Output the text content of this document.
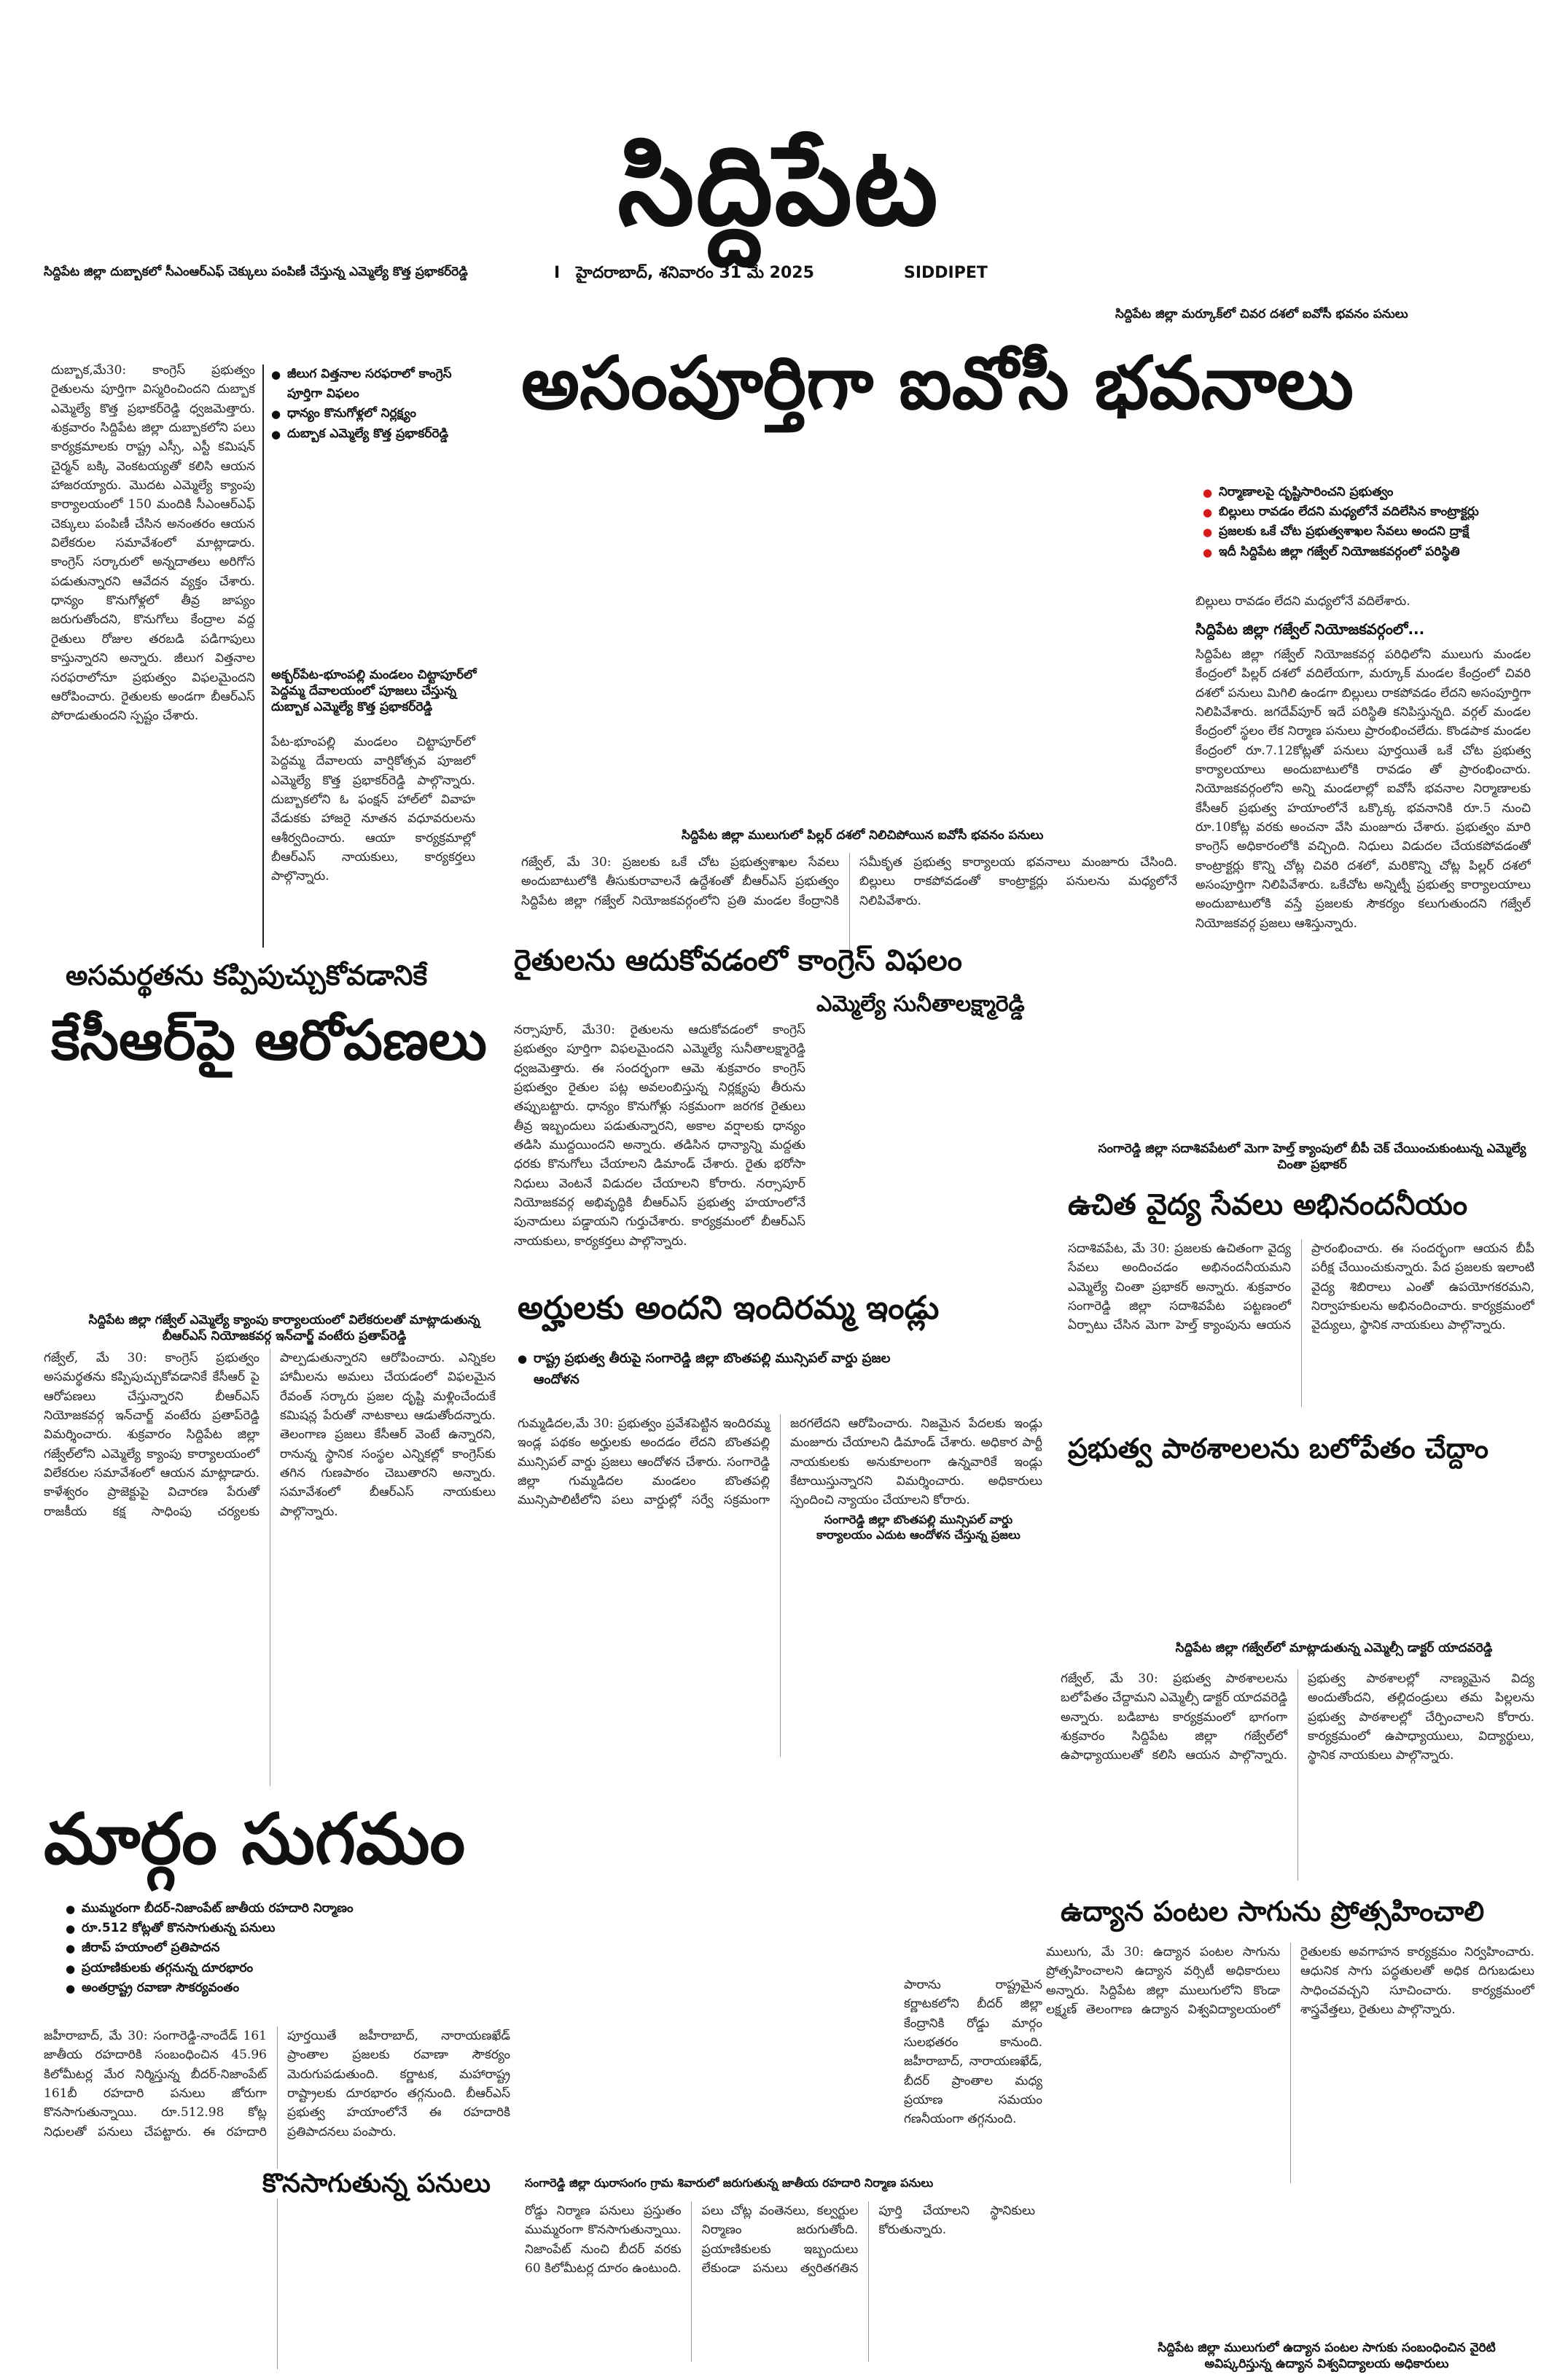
సిద్దిపేట
సిద్దిపేట జిల్లా దుబ్బాకలో సీఎంఆర్ఎఫ్ చెక్కులు పంపిణీ చేస్తున్న ఎమ్మెల్యే కొత్త ప్రభాకర్‌రెడ్డి	I హైదరాబాద్, శనివారం 31 మే 2025	SIDDIPET
సిద్దిపేట జిల్లా మర్కూక్‌లో చివర దశలో ఐవోసీ భవనం పనులు
దుబ్బాక,మే30: కాంగ్రెస్ ప్రభుత్వం రైతులను పూర్తిగా విస్మరించిందని దుబ్బాక ఎమ్మెల్యే కొత్త ప్రభాకర్‌రెడ్డి ధ్వజమెత్తారు. శుక్రవారం సిద్దిపేట జిల్లా దుబ్బాకలోని పలు కార్యక్రమాలకు రాష్ట్ర ఎస్సీ, ఎస్టీ కమిషన్ చైర్మన్ బక్కి వెంకటయ్యతో కలిసి ఆయన హాజరయ్యారు. మొదట ఎమ్మెల్యే క్యాంపు కార్యాలయంలో 150 మందికి సీఎంఆర్ఎఫ్ చెక్కులు పంపిణీ చేసిన అనంతరం ఆయన విలేకరుల సమావేశంలో మాట్లాడారు. కాంగ్రెస్ సర్కారులో అన్నదాతలు అరిగోస పడుతున్నారని ఆవేదన వ్యక్తం చేశారు. ధాన్యం కొనుగోళ్లలో తీవ్ర జాప్యం జరుగుతోందని, కొనుగోలు కేంద్రాల వద్ద రైతులు రోజుల తరబడి పడిగాపులు కాస్తున్నారని అన్నారు. జీలుగ విత్తనాల సరఫరాలోనూ ప్రభుత్వం విఫలమైందని ఆరోపించారు. రైతులకు అండగా బీఆర్ఎస్ పోరాడుతుందని స్పష్టం చేశారు.
● జీలుగ విత్తనాల సరఫరాలో కాంగ్రెస్ పూర్తిగా విఫలం
● ధాన్యం కొనుగోళ్లలో నిర్లక్ష్యం
● దుబ్బాక ఎమ్మెల్యే కొత్త ప్రభాకర్‌రెడ్డి
అక్బర్‌పేట-భూంపల్లి మండలం చిట్టాపూర్‌లో పెద్దమ్మ దేవాలయంలో పూజలు చేస్తున్న దుబ్బాక ఎమ్మెల్యే కొత్త ప్రభాకర్‌రెడ్డి
పేట-భూంపల్లి మండలం చిట్టాపూర్‌లో పెద్దమ్మ దేవాలయ వార్షికోత్సవ పూజలో ఎమ్మెల్యే కొత్త ప్రభాకర్‌రెడ్డి పాల్గొన్నారు. దుబ్బాకలోని ఓ ఫంక్షన్ హాల్‌లో వివాహ వేడుకకు హాజరై నూతన వధూవరులను ఆశీర్వదించారు. ఆయా కార్యక్రమాల్లో బీఆర్ఎస్ నాయకులు, కార్యకర్తలు పాల్గొన్నారు.
అసంపూర్తిగా ఐవోసీ భవనాలు
● నిర్మాణాలపై దృష్టిసారించని ప్రభుత్వం
● బిల్లులు రావడం లేదని మధ్యలోనే వదిలేసిన కాంట్రాక్టర్లు
● ప్రజలకు ఒకే చోట ప్రభుత్వశాఖల సేవలు అందని ద్రాక్షే
● ఇదీ సిద్దిపేట జిల్లా గజ్వేల్ నియోజకవర్గంలో పరిస్థితి
బిల్లులు రావడం లేదని మధ్యలోనే వదిలేశారు.
సిద్దిపేట జిల్లా గజ్వేల్ నియోజకవర్గంలో...
సిద్దిపేట జిల్లా గజ్వేల్ నియోజకవర్గ పరిధిలోని ములుగు మండల కేంద్రంలో పిల్లర్ దశలో వదిలేయగా, మర్కూక్ మండల కేంద్రంలో చివరి దశలో పనులు మిగిలి ఉండగా బిల్లులు రాకపోవడం లేదని అసంపూర్తిగా నిలిపివేశారు. జగదేవ్‌పూర్ ఇదే పరిస్థితి కనిపిస్తున్నది. వర్గల్ మండల కేంద్రంలో స్థలం లేక నిర్మాణ పనులు ప్రారంభించలేదు. కొండపాక మండల కేంద్రంలో రూ.7.12కోట్లతో పనులు పూర్తయితే ఒకే చోట ప్రభుత్వ కార్యాలయాలు అందుబాటులోకి రావడం తో ప్రారంభించారు. నియోజకవర్గంలోని అన్ని మండలాల్లో ఐవోసీ భవనాల నిర్మాణాలకు కేసీఆర్ ప్రభుత్వ హయాంలోనే ఒక్కొక్క భవనానికి రూ.5 నుంచి రూ.10కోట్ల వరకు అంచనా వేసి మంజూరు చేశారు. ప్రభుత్వం మారి కాంగ్రెస్ అధికారంలోకి వచ్చింది. నిధులు విడుదల చేయకపోవడంతో కాంట్రాక్టర్లు కొన్ని చోట్ల చివరి దశలో, మరికొన్ని చోట్ల పిల్లర్ దశలో అసంపూర్తిగా నిలిపివేశారు. ఒకేచోట అన్నిట్నీ ప్రభుత్వ కార్యాలయాలు అందుబాటులోకి వస్తే ప్రజలకు సౌకర్యం కలుగుతుందని గజ్వేల్ నియోజకవర్గ ప్రజలు ఆశిస్తున్నారు.
సిద్దిపేట జిల్లా ములుగులో పిల్లర్ దశలో నిలిచిపోయిన ఐవోసీ భవనం పనులు
గజ్వేల్, మే 30: ప్రజలకు ఒకే చోట ప్రభుత్వశాఖల సేవలు అందుబాటులోకి తీసుకురావాలనే ఉద్దేశంతో బీఆర్ఎస్ ప్రభుత్వం సిద్దిపేట జిల్లా గజ్వేల్ నియోజకవర్గంలోని ప్రతి మండల కేంద్రానికి సమీకృత ప్రభుత్వ కార్యాలయ భవనాలు మంజూరు చేసింది. బిల్లులు రాకపోవడంతో కాంట్రాక్టర్లు పనులను మధ్యలోనే నిలిపివేశారు.
అసమర్థతను కప్పిపుచ్చుకోవడానికే
కేసీఆర్‌పై ఆరోపణలు
సిద్దిపేట జిల్లా గజ్వేల్ ఎమ్మెల్యే క్యాంపు కార్యాలయంలో విలేకరులతో మాట్లాడుతున్న బీఆర్ఎస్ నియోజకవర్గ ఇన్‌చార్జ్ వంటేరు ప్రతాప్‌రెడ్డి
గజ్వేల్, మే 30: కాంగ్రెస్ ప్రభుత్వం అసమర్థతను కప్పిపుచ్చుకోవడానికే కేసీఆర్ పై ఆరోపణలు చేస్తున్నారని బీఆర్ఎస్ నియోజకవర్గ ఇన్‌చార్జ్ వంటేరు ప్రతాప్‌రెడ్డి విమర్శించారు. శుక్రవారం సిద్దిపేట జిల్లా గజ్వేల్‌లోని ఎమ్మెల్యే క్యాంపు కార్యాలయంలో విలేకరుల సమావేశంలో ఆయన మాట్లాడారు. కాళేశ్వరం ప్రాజెక్టుపై విచారణ పేరుతో రాజకీయ కక్ష సాధింపు చర్యలకు పాల్పడుతున్నారని ఆరోపించారు. ఎన్నికల హామీలను అమలు చేయడంలో విఫలమైన రేవంత్ సర్కారు ప్రజల దృష్టి మళ్లించేందుకే కమిషన్ల పేరుతో నాటకాలు ఆడుతోందన్నారు. తెలంగాణ ప్రజలు కేసీఆర్ వెంటే ఉన్నారని, రానున్న స్థానిక సంస్థల ఎన్నికల్లో కాంగ్రెస్‌కు తగిన గుణపాఠం చెబుతారని అన్నారు. సమావేశంలో బీఆర్ఎస్ నాయకులు పాల్గొన్నారు.
రైతులను ఆదుకోవడంలో కాంగ్రెస్ విఫలం
ఎమ్మెల్యే సునీతాలక్ష్మారెడ్డి
నర్సాపూర్, మే30: రైతులను ఆదుకోవడంలో కాంగ్రెస్ ప్రభుత్వం పూర్తిగా విఫలమైందని ఎమ్మెల్యే సునీతాలక్ష్మారెడ్డి ధ్వజమెత్తారు. ఈ సందర్భంగా ఆమె శుక్రవారం కాంగ్రెస్ ప్రభుత్వం రైతుల పట్ల అవలంబిస్తున్న నిర్లక్ష్యపు తీరును తప్పుబట్టారు. ధాన్యం కొనుగోళ్లు సక్రమంగా జరగక రైతులు తీవ్ర ఇబ్బందులు పడుతున్నారని, అకాల వర్షాలకు ధాన్యం తడిసి ముద్దయిందని అన్నారు. తడిసిన ధాన్యాన్ని మద్దతు ధరకు కొనుగోలు చేయాలని డిమాండ్ చేశారు. రైతు భరోసా నిధులు వెంటనే విడుదల చేయాలని కోరారు. నర్సాపూర్ నియోజకవర్గ అభివృద్ధికి బీఆర్ఎస్ ప్రభుత్వ హయాంలోనే పునాదులు పడ్డాయని గుర్తుచేశారు. కార్యక్రమంలో బీఆర్ఎస్ నాయకులు, కార్యకర్తలు పాల్గొన్నారు.
సంగారెడ్డి జిల్లా సదాశివపేటలో మెగా హెల్త్ క్యాంపులో బీపీ చెక్ చేయించుకుంటున్న ఎమ్మెల్యే చింతా ప్రభాకర్
ఉచిత వైద్య సేవలు అభినందనీయం
సదాశివపేట, మే 30: ప్రజలకు ఉచితంగా వైద్య సేవలు అందించడం అభినందనీయమని ఎమ్మెల్యే చింతా ప్రభాకర్ అన్నారు. శుక్రవారం సంగారెడ్డి జిల్లా సదాశివపేట పట్టణంలో ఏర్పాటు చేసిన మెగా హెల్త్ క్యాంపును ఆయన ప్రారంభించారు. ఈ సందర్భంగా ఆయన బీపీ పరీక్ష చేయించుకున్నారు. పేద ప్రజలకు ఇలాంటి వైద్య శిబిరాలు ఎంతో ఉపయోగకరమని, నిర్వాహకులను అభినందించారు. కార్యక్రమంలో వైద్యులు, స్థానిక నాయకులు పాల్గొన్నారు.
ప్రభుత్వ పాఠశాలలను బలోపేతం చేద్దాం
సిద్దిపేట జిల్లా గజ్వేల్‌లో మాట్లాడుతున్న ఎమ్మెల్సీ డాక్టర్ యాదవరెడ్డి
గజ్వేల్, మే 30: ప్రభుత్వ పాఠశాలలను బలోపేతం చేద్దామని ఎమ్మెల్సీ డాక్టర్ యాదవరెడ్డి అన్నారు. బడిబాట కార్యక్రమంలో భాగంగా శుక్రవారం సిద్దిపేట జిల్లా గజ్వేల్‌లో ఉపాధ్యాయులతో కలిసి ఆయన పాల్గొన్నారు. ప్రభుత్వ పాఠశాలల్లో నాణ్యమైన విద్య అందుతోందని, తల్లిదండ్రులు తమ పిల్లలను ప్రభుత్వ పాఠశాలల్లో చేర్పించాలని కోరారు. కార్యక్రమంలో ఉపాధ్యాయులు, విద్యార్థులు, స్థానిక నాయకులు పాల్గొన్నారు.
ఉద్యాన పంటల సాగును ప్రోత్సహించాలి
ములుగు, మే 30: ఉద్యాన పంటల సాగును ప్రోత్సహించాలని ఉద్యాన వర్సిటీ అధికారులు అన్నారు. సిద్దిపేట జిల్లా ములుగులోని కొండా లక్ష్మణ్ తెలంగాణ ఉద్యాన విశ్వవిద్యాలయంలో రైతులకు అవగాహన కార్యక్రమం నిర్వహించారు. ఆధునిక సాగు పద్ధతులతో అధిక దిగుబడులు సాధించవచ్చని సూచించారు. కార్యక్రమంలో శాస్త్రవేత్తలు, రైతులు పాల్గొన్నారు.
సిద్దిపేట జిల్లా ములుగులో ఉద్యాన పంటల సాగుకు సంబంధించిన వైరిటి అవిష్కరిస్తున్న ఉద్యాన విశ్వవిద్యాలయ అధికారులు
అర్హులకు అందని ఇందిరమ్మ ఇండ్లు
● రాష్ట్ర ప్రభుత్వ తీరుపై సంగారెడ్డి జిల్లా బొంతపల్లి మున్సిపల్ వార్డు ప్రజల ఆందోళన
గుమ్మడిదల,మే 30: ప్రభుత్వం ప్రవేశపెట్టిన ఇందిరమ్మ ఇండ్ల పథకం అర్హులకు అందడం లేదని బొంతపల్లి మున్సిపల్ వార్డు ప్రజలు ఆందోళన చేశారు. సంగారెడ్డి జిల్లా గుమ్మడిదల మండలం బొంతపల్లి మున్సిపాలిటీలోని పలు వార్డుల్లో సర్వే సక్రమంగా జరగలేదని ఆరోపించారు. నిజమైన పేదలకు ఇండ్లు మంజూరు చేయాలని డిమాండ్ చేశారు. అధికార పార్టీ నాయకులకు అనుకూలంగా ఉన్నవారికే ఇండ్లు కేటాయిస్తున్నారని విమర్శించారు. అధికారులు స్పందించి న్యాయం చేయాలని కోరారు.
సంగారెడ్డి జిల్లా బొంతపల్లి మున్సిపల్ వార్డు కార్యాలయం ఎదుట ఆందోళన చేస్తున్న ప్రజలు
మార్గం సుగమం
● ముమ్మరంగా బీదర్-నిజాంపేట్ జాతీయ రహదారి నిర్మాణం
● రూ.512 కోట్లతో కొనసాగుతున్న పనులు
● జీరాప్ హయాంలో ప్రతిపాదన
● ప్రయాణికులకు తగ్గనున్న దూరభారం
● అంతర్రాష్ట్ర రవాణా సౌకర్యవంతం
జహీరాబాద్, మే 30: సంగారెడ్డి-నాందేడ్ 161 జాతీయ రహదారికి సంబంధించిన 45.96 కిలోమీటర్ల మేర నిర్మిస్తున్న బీదర్-నిజాంపేట్ 161బీ రహదారి పనులు జోరుగా కొనసాగుతున్నాయి. రూ.512.98 కోట్ల నిధులతో పనులు చేపట్టారు. ఈ రహదారి పూర్తయితే జహీరాబాద్, నారాయణఖేడ్ ప్రాంతాల ప్రజలకు రవాణా సౌకర్యం మెరుగుపడుతుంది. కర్ణాటక, మహారాష్ట్ర రాష్ట్రాలకు దూరభారం తగ్గనుంది. బీఆర్ఎస్ ప్రభుత్వ హయాంలోనే ఈ రహదారికి ప్రతిపాదనలు పంపారు.
కొనసాగుతున్న పనులు	సంగారెడ్డి జిల్లా ఝరాసంగం గ్రామ శివారులో జరుగుతున్న జాతీయ రహదారి నిర్మాణ పనులు
రోడ్డు నిర్మాణ పనులు ప్రస్తుతం ముమ్మరంగా కొనసాగుతున్నాయి. నిజాంపేట్ నుంచి బీదర్ వరకు 60 కిలోమీటర్ల దూరం ఉంటుంది. పలు చోట్ల వంతెనలు, కల్వర్టుల నిర్మాణం జరుగుతోంది. ప్రయాణికులకు ఇబ్బందులు లేకుండా పనులు త్వరితగతిన పూర్తి చేయాలని స్థానికులు కోరుతున్నారు.
పారాను రాష్ట్రమైన కర్ణాటకలోని బీదర్ జిల్లా కేంద్రానికి రోడ్డు మార్గం సులభతరం కానుంది. జహీరాబాద్, నారాయణఖేడ్, బీదర్ ప్రాంతాల మధ్య ప్రయాణ సమయం గణనీయంగా తగ్గనుంది.
